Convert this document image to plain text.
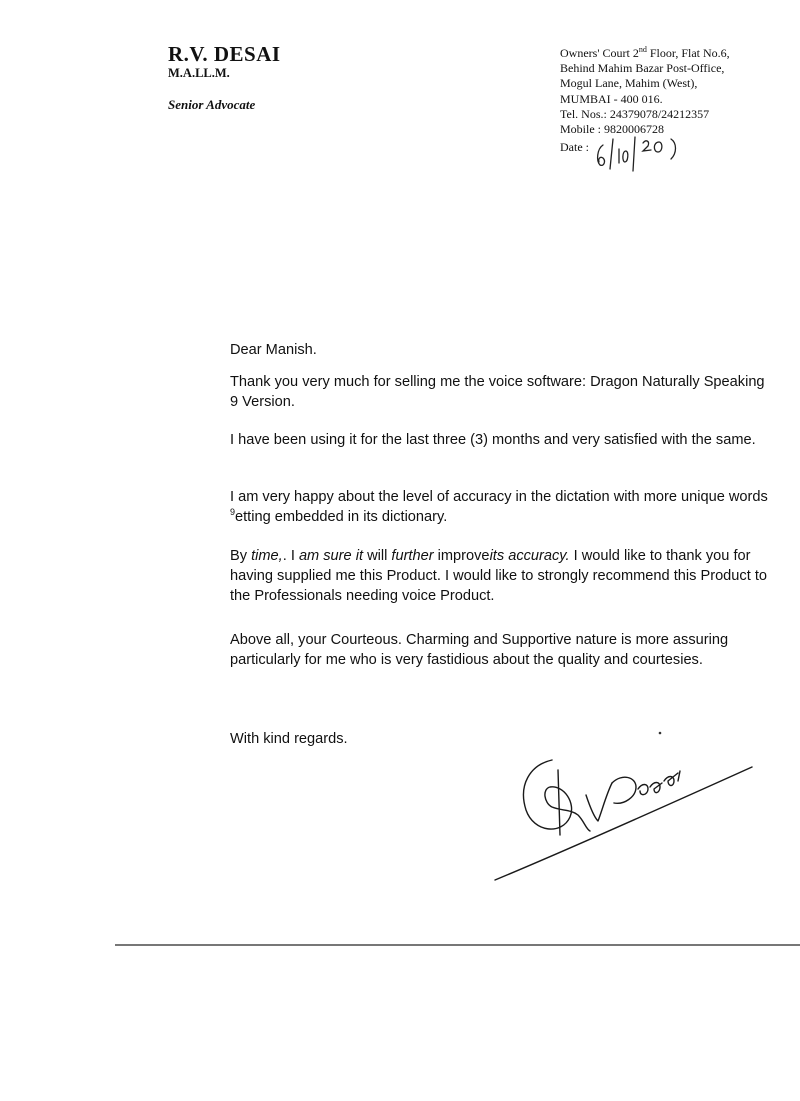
R.V. DESAI
M.A.LL.M.
Senior Advocate
Owners' Court 2nd Floor, Flat No.6,
Behind Mahim Bazar Post-Office,
Mogul Lane, Mahim (West),
MUMBAI - 400 016.
Tel. Nos.: 24379078/24212357
Mobile : 9820006728
Date :
Dear Manish.
Thank you very much for selling me the voice software: Dragon Naturally Speaking 9 Version.
I have been using it for the last three (3) months and very satisfied with the same.
I am very happy about the level of accuracy in the dictation with more unique words $^9$etting embedded in its dictionary.
By time,. I am sure it will further improveits accuracy. I would like to thank you for having supplied me this Product. I would like to strongly recommend this Product to the Professionals needing voice Product.
Above all, your Courteous. Charming and Supportive nature is more assuring particularly for me who is very fastidious about the quality and courtesies.
With kind regards.
